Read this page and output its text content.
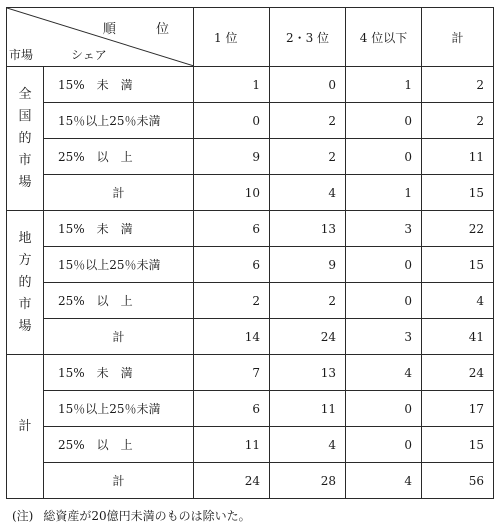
順 位
市場 シェア		1 位	2・3 位	4 位以下	計

全国的市場	15%　未　満	1	0	1	2
	15％以上25％未満	0	2	0	2
	25%　以　上	9	2	0	11
	計	10	4	1	15

地方的市場	15%　未　満	6	13	3	22
	15％以上25％未満	6	9	0	15
	25%　以　上	2	2	0	4
	計	14	24	3	41

計	15%　未　満	7	13	4	24
	15％以上25％未満	6	11	0	17
	25%　以　上	11	4	0	15
	計	24	28	4	56
(注) 総資産が20億円未満のものは除いた。
